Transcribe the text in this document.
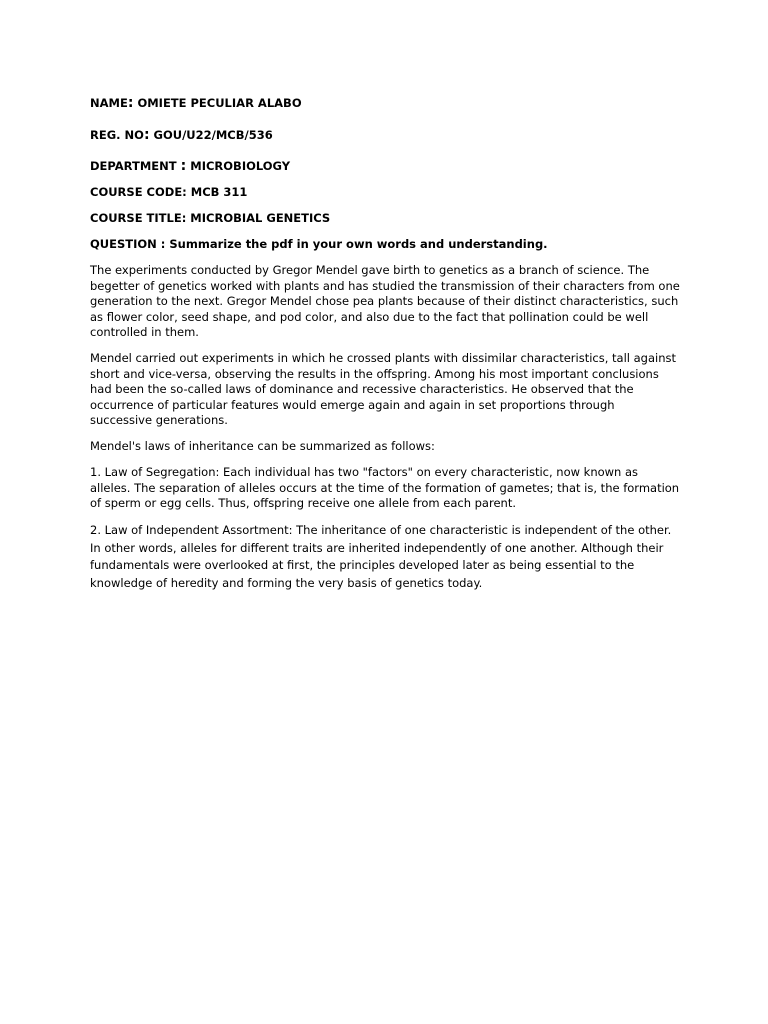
NAME: OMIETE PECULIAR ALABO
REG. NO: GOU/U22/MCB/536
DEPARTMENT : MICROBIOLOGY
COURSE CODE: MCB 311
COURSE TITLE: MICROBIAL GENETICS
QUESTION : Summarize the pdf in your own words and understanding.

The experiments conducted by Gregor Mendel gave birth to genetics as a branch of science. The begetter of genetics worked with plants and has studied the transmission of their characters from one generation to the next. Gregor Mendel chose pea plants because of their distinct characteristics, such as flower color, seed shape, and pod color, and also due to the fact that pollination could be well controlled in them.

Mendel carried out experiments in which he crossed plants with dissimilar characteristics, tall against short and vice-versa, observing the results in the offspring. Among his most important conclusions had been the so-called laws of dominance and recessive characteristics. He observed that the occurrence of particular features would emerge again and again in set proportions through successive generations.

Mendel's laws of inheritance can be summarized as follows:

1. Law of Segregation: Each individual has two "factors" on every characteristic, now known as alleles. The separation of alleles occurs at the time of the formation of gametes; that is, the formation of sperm or egg cells. Thus, offspring receive one allele from each parent.

2. Law of Independent Assortment: The inheritance of one characteristic is independent of the other. In other words, alleles for different traits are inherited independently of one another. Although their fundamentals were overlooked at first, the principles developed later as being essential to the knowledge of heredity and forming the very basis of genetics today.
